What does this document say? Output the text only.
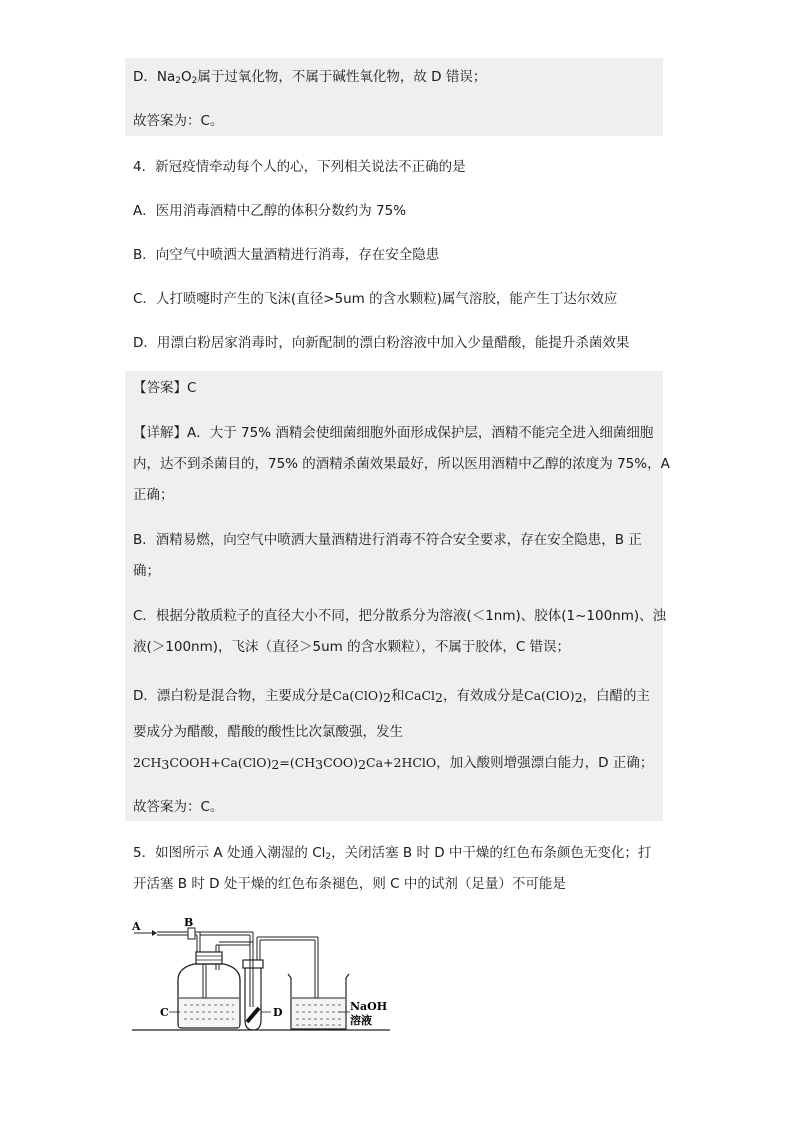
D．$Na_2O_2$属于过氧化物，不属于碱性氧化物，故 D 错误；
故答案为：C。
4．新冠疫情牵动每个人的心，下列相关说法不正确的是
A．医用消毒酒精中乙醇的体积分数约为 75%
B．向空气中喷洒大量酒精进行消毒，存在安全隐患
C．人打喷嚏时产生的飞沫(直径>5um 的含水颗粒)属气溶胶，能产生丁达尔效应
D．用漂白粉居家消毒时，向新配制的漂白粉溶液中加入少量醋酸，能提升杀菌效果
【答案】C
【详解】A．大于 75% 酒精会使细菌细胞外面形成保护层，酒精不能完全进入细菌细胞
内，达不到杀菌目的，75% 的酒精杀菌效果最好，所以医用酒精中乙醇的浓度为 75%，A
正确；
B．酒精易燃，向空气中喷洒大量酒精进行消毒不符合安全要求，存在安全隐患，B 正
确；
C．根据分散质粒子的直径大小不同，把分散系分为溶液(＜1nm)、胶体(1~100nm)、浊
液(＞100nm)，飞沫（直径＞5um 的含水颗粒），不属于胶体，C 错误；
D．漂白粉是混合物，主要成分是$Ca(ClO)_2$和CaCl$_2$，有效成分是$Ca(ClO)_2$，白醋的主
要成分为醋酸，醋酸的酸性比次氯酸强，发生
$2CH_3COOH+Ca(ClO)_2=(CH_3COO)_2Ca+2HClO$，加入酸则增强漂白能力，D 正确；
故答案为：C。
5．如图所示 A 处通入潮湿的 $Cl_2$，关闭活塞 B 时 D 中干燥的红色布条颜色无变化；打
开活塞 B 时 D 处干燥的红色布条褪色，则 C 中的试剂（足量）不可能是
A	B
C	D	NaOH
溶液
